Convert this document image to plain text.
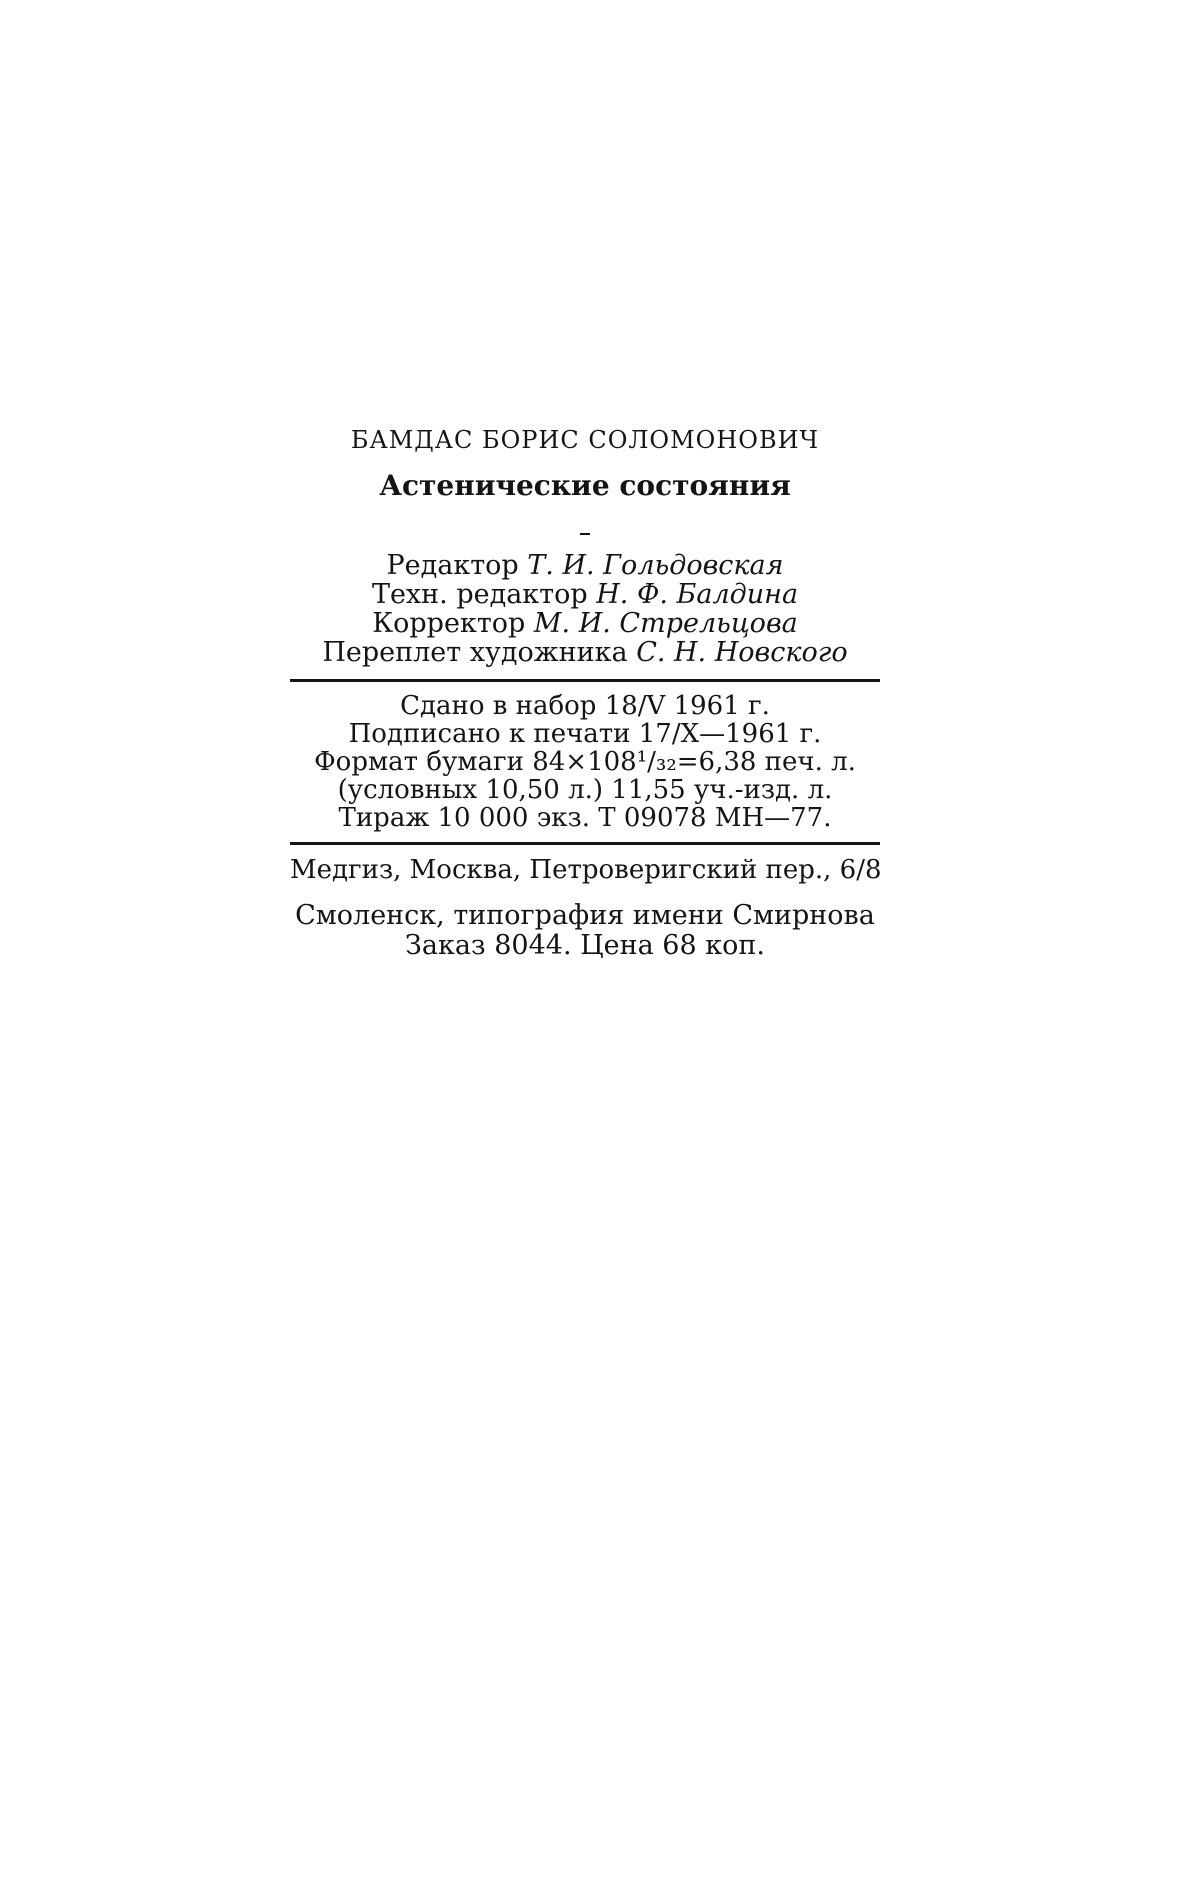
БАМДАС БОРИС СОЛОМОНОВИЧ

Астенические состояния

Редактор Т. И. Гольдовская
Техн. редактор Н. Ф. Балдина
Корректор М. И. Стрельцова
Переплет художника С. Н. Новского
Сдано в набор 18/V 1961 г.
Подписано к печати 17/X—1961 г.
Формат бумаги 84×108¹/₃₂=6,38 печ. л.
(условных 10,50 л.) 11,55 уч.-изд. л.
Тираж 10 000 экз. Т 09078 МН—77.
Медгиз, Москва, Петроверигский пер., 6/8
Смоленск, типография имени Смирнова
Заказ 8044. Цена 68 коп.
